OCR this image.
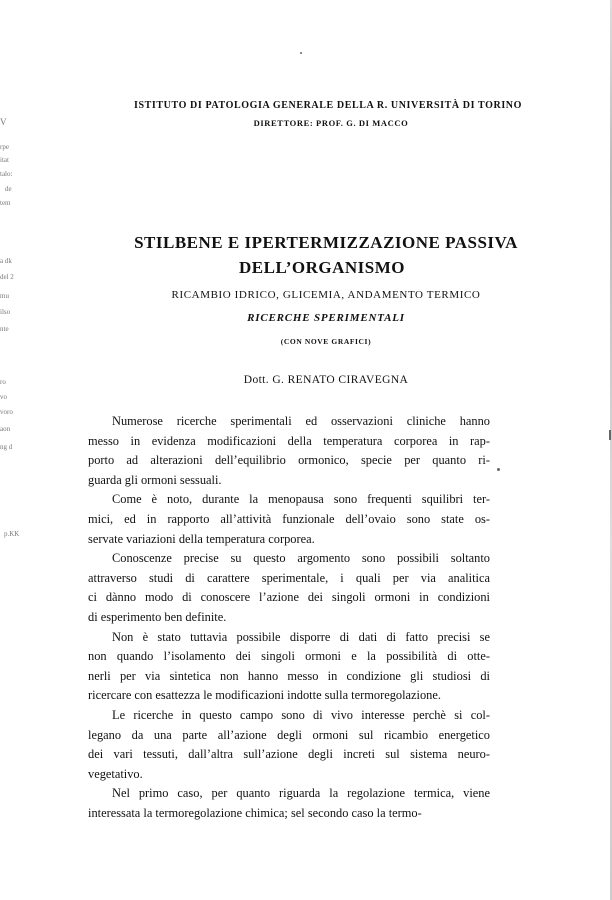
V
rpe
itat
talo:
de
tem
a dk
del 2
mu
ilso
nte
ro
vo
voro
aon
ng d
p.KK
ISTITUTO DI PATOLOGIA GENERALE DELLA R. UNIVERSITÀ DI TORINO
DIRETTORE: PROF. G. DI MACCO
STILBENE E IPERTERMIZZAZIONE PASSIVA
DELL’ORGANISMO
RICAMBIO IDRICO, GLICEMIA, ANDAMENTO TERMICO
RICERCHE SPERIMENTALI
(CON NOVE GRAFICI)
Dott. G. RENATO CIRAVEGNA
Numerose ricerche sperimentali ed osservazioni cliniche hanno
messo in evidenza modificazioni della temperatura corporea in rap-
porto ad alterazioni dell’equilibrio ormonico, specie per quanto ri-
guarda gli ormoni sessuali.
Come è noto, durante la menopausa sono frequenti squilibri ter-
mici, ed in rapporto all’attività funzionale dell’ovaio sono state os-
servate variazioni della temperatura corporea.
Conoscenze precise su questo argomento sono possibili soltanto
attraverso studi di carattere sperimentale, i quali per via analitica
ci dànno modo di conoscere l’azione dei singoli ormoni in condizioni
di esperimento ben definite.
Non è stato tuttavia possibile disporre di dati di fatto precisi se
non quando l’isolamento dei singoli ormoni e la possibilità di otte-
nerli per via sintetica non hanno messo in condizione gli studiosi di
ricercare con esattezza le modificazioni indotte sulla termoregolazione.
Le ricerche in questo campo sono di vivo interesse perchè si col-
legano da una parte all’azione degli ormoni sul ricambio energetico
dei vari tessuti, dall’altra sull’azione degli increti sul sistema neuro-
vegetativo.
Nel primo caso, per quanto riguarda la regolazione termica, viene
interessata la termoregolazione chimica; sel secondo caso la termo-
